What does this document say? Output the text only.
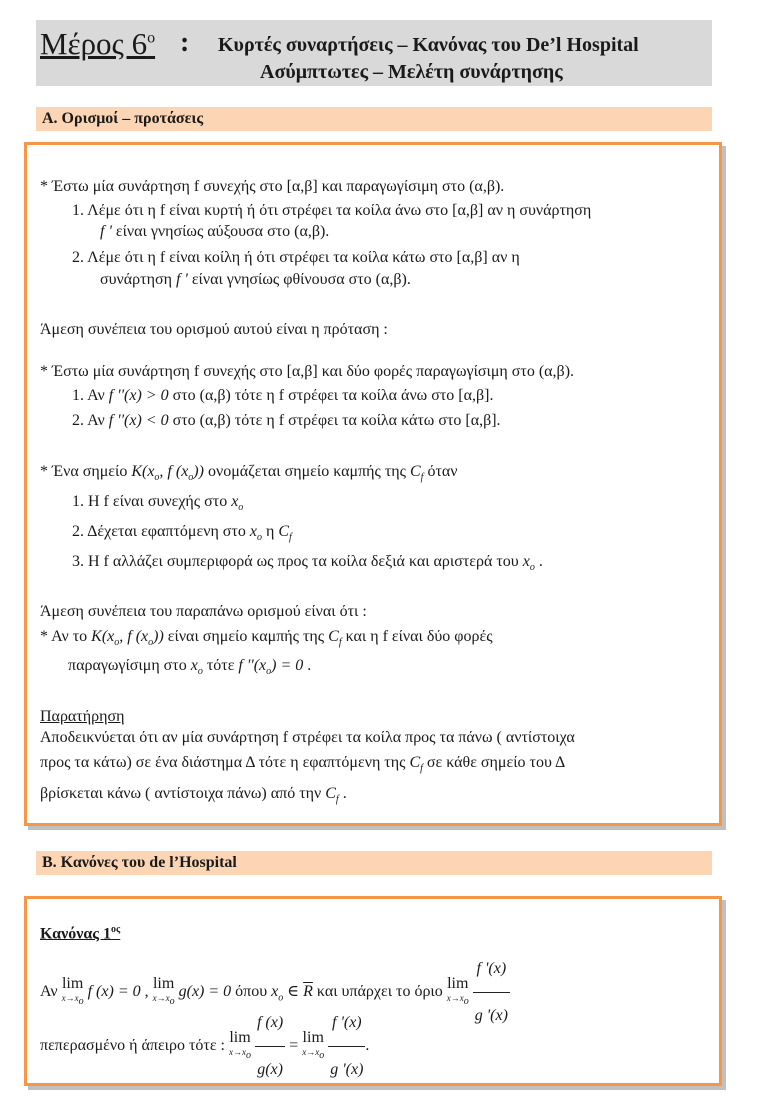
Μέρος $6^o$ : Κυρτές συναρτήσεις – Κανόνας του De’l Hospital
Ασύμπτωτες – Μελέτη συνάρτησης
Α. Ορισμοί – προτάσεις
* Έστω μία συνάρτηση f συνεχής στο [α,β] και παραγωγίσιμη στο (α,β).
1. Λέμε ότι η f είναι κυρτή ή ότι στρέφει τα κοίλα άνω στο [α,β] αν η συνάρτηση
f ' είναι γνησίως αύξουσα στο (α,β).
2. Λέμε ότι η f είναι κοίλη ή ότι στρέφει τα κοίλα κάτω στο [α,β] αν η
συνάρτηση f ' είναι γνησίως φθίνουσα στο (α,β).
Άμεση συνέπεια του ορισμού αυτού είναι η πρόταση :
* Έστω μία συνάρτηση f συνεχής στο [α,β] και δύο φορές παραγωγίσιμη στο (α,β).
1. Αν f ''(x) > 0 στο (α,β) τότε η f στρέφει τα κοίλα άνω στο [α,β].
2. Αν f ''(x) < 0 στο (α,β) τότε η f στρέφει τα κοίλα κάτω στο [α,β].
* Ένα σημείο $K(x_o$, f $(x_o)$) ονομάζεται σημείο καμπής της $C_f$ όταν
1. Η f είναι συνεχής στο $x_o$
2. Δέχεται εφαπτόμενη στο $x_o$ η $C_f$
3. Η f αλλάζει συμπεριφορά ως προς τα κοίλα δεξιά και αριστερά του $x_o$ .
Άμεση συνέπεια του παραπάνω ορισμού είναι ότι :
* Αν το $K(x_o$, f $(x_o)$) είναι σημείο καμπής της $C_f$ και η f είναι δύο φορές
παραγωγίσιμη στο $x_o$ τότε f ''$(x_o) = 0$ .
Παρατήρηση
Αποδεικνύεται ότι αν μία συνάρτηση f στρέφει τα κοίλα προς τα πάνω ( αντίστοιχα
προς τα κάτω) σε ένα διάστημα Δ τότε η εφαπτόμενη της $C_f$ σε κάθε σημείο του Δ
βρίσκεται κάνω ( αντίστοιχα πάνω) από την $C_f$ .
Β. Κανόνες του de l’Hospital
Κανόνας $1^{o\varsigma}$
Αν
lim
$x\to x_o$
f (x) = 0 ,
lim
$x\to x_o$
g(x) = 0 όπου $x_o$ ∈ $\overline{R}$ και υπάρχει το όριο
lim
$x\to x_o$
$\frac{f '(x)}{g '(x)}$
πεπερασμένο ή άπειρο τότε :
lim
$x\to x_o$
$\frac{f (x)}{g(x)}$ =
lim
$x\to x_o$
$\frac{f '(x)}{g '(x)}$ .
